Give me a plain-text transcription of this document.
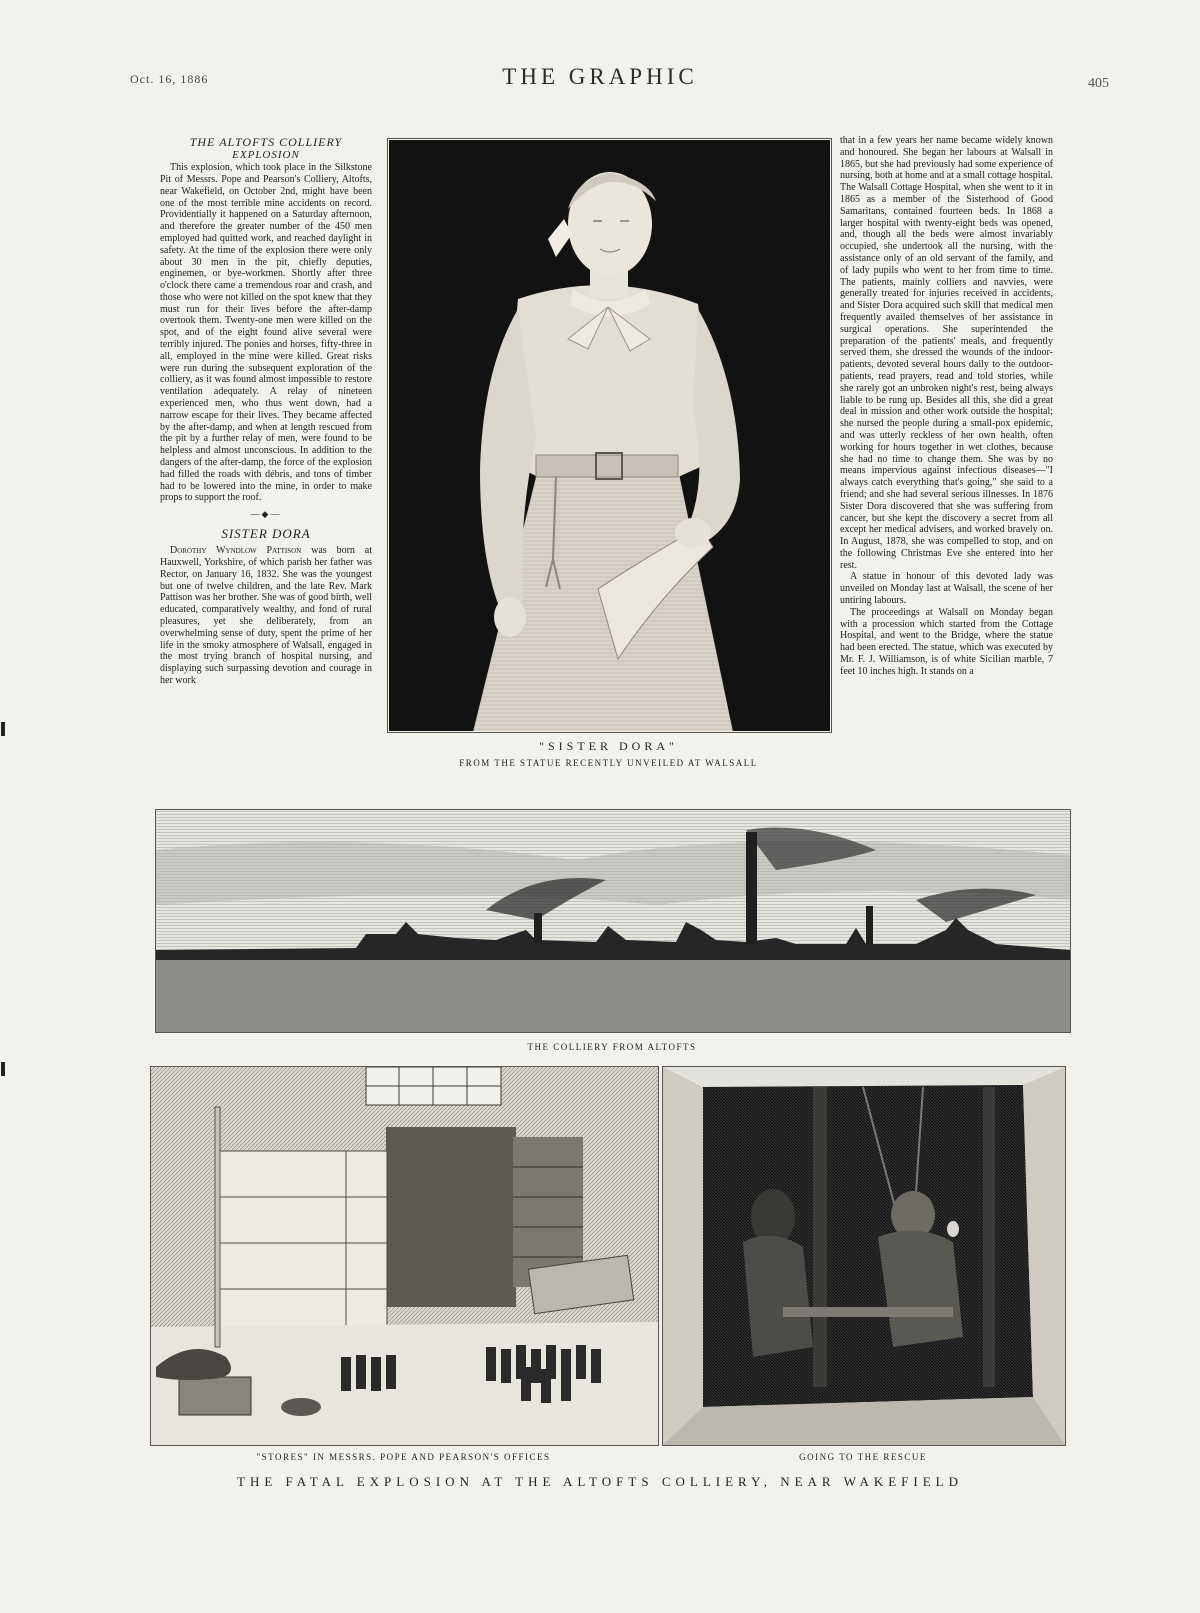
Oct. 16, 1886	THE GRAPHIC	405

THE ALTOFTS COLLIERY

EXPLOSION

This explosion, which took place in the Silkstone Pit of Messrs. Pope and Pearson's Colliery, Altofts, near Wakefield, on October 2nd, might have been one of the most terrible mine accidents on record. Providentially it happened on a Saturday afternoon, and therefore the greater number of the 450 men employed had quitted work, and reached daylight in safety. At the time of the explosion there were only about 30 men in the pit, chiefly deputies, enginemen, or bye-workmen. Shortly after three o'clock there came a tremendous roar and crash, and those who were not killed on the spot knew that they must run for their lives before the after-damp overtook them. Twenty-one men were killed on the spot, and of the eight found alive several were terribly injured. The ponies and horses, fifty-three in all, employed in the mine were killed. Great risks were run during the subsequent exploration of the colliery, as it was found almost impossible to restore ventilation adequately. A relay of nineteen experienced men, who thus went down, had a narrow escape for their lives. They became affected by the after-damp, and when at length rescued from the pit by a further relay of men, were found to be helpless and almost unconscious. In addition to the dangers of the after-damp, the force of the explosion had filled the roads with débris, and tons of timber had to be lowered into the mine, in order to make props to support the roof.

—◆—

SISTER DORA

Dorothy Wyndlow Pattison was born at Hauxwell, Yorkshire, of which parish her father was Rector, on January 16, 1832. She was the youngest but one of twelve children, and the late Rev. Mark Pattison was her brother. She was of good birth, well educated, comparatively wealthy, and fond of rural pleasures, yet she deliberately, from an overwhelming sense of duty, spent the prime of her life in the smoky atmosphere of Walsall, engaged in the most trying branch of hospital nursing, and displaying such surpassing devotion and courage in her work

that in a few years her name became widely known and honoured. She began her labours at Walsall in 1865, but she had previously had some experience of nursing, both at home and at a small cottage hospital. The Walsall Cottage Hospital, when she went to it in 1865 as a member of the Sisterhood of Good Samaritans, contained fourteen beds. In 1868 a larger hospital with twenty-eight beds was opened, and, though all the beds were almost invariably occupied, she undertook all the nursing, with the assistance only of an old servant of the family, and of lady pupils who went to her from time to time. The patients, mainly colliers and navvies, were generally treated for injuries received in accidents, and Sister Dora acquired such skill that medical men frequently availed themselves of her assistance in surgical operations. She superintended the preparation of the patients' meals, and frequently served them, she dressed the wounds of the indoor-patients, devoted several hours daily to the outdoor-patients, read prayers, read and told stories, while she rarely got an unbroken night's rest, being always liable to be rung up. Besides all this, she did a great deal in mission and other work outside the hospital; she nursed the people during a small-pox epidemic, and was utterly reckless of her own health, often working for hours together in wet clothes, because she had no time to change them. She was by no means impervious against infectious diseases—"I always catch everything that's going," she said to a friend; and she had several serious illnesses. In 1876 Sister Dora discovered that she was suffering from cancer, but she kept the discovery a secret from all except her medical advisers, and worked bravely on. In August, 1878, she was compelled to stop, and on the following Christmas Eve she entered into her rest.

A statue in honour of this devoted lady was unveiled on Monday last at Walsall, the scene of her untiring labours.

The proceedings at Walsall on Monday began with a procession which started from the Cottage Hospital, and went to the Bridge, where the statue had been erected. The statue, which was executed by Mr. F. J. Williamson, is of white Sicilian marble, 7 feet 10 inches high. It stands on a

"SISTER DORA"
FROM THE STATUE RECENTLY UNVEILED AT WALSALL
THE COLLIERY FROM ALTOFTS
"STORES" IN MESSRS. POPE AND PEARSON'S OFFICES	GOING TO THE RESCUE
THE FATAL EXPLOSION AT THE ALTOFTS COLLIERY, NEAR WAKEFIELD
